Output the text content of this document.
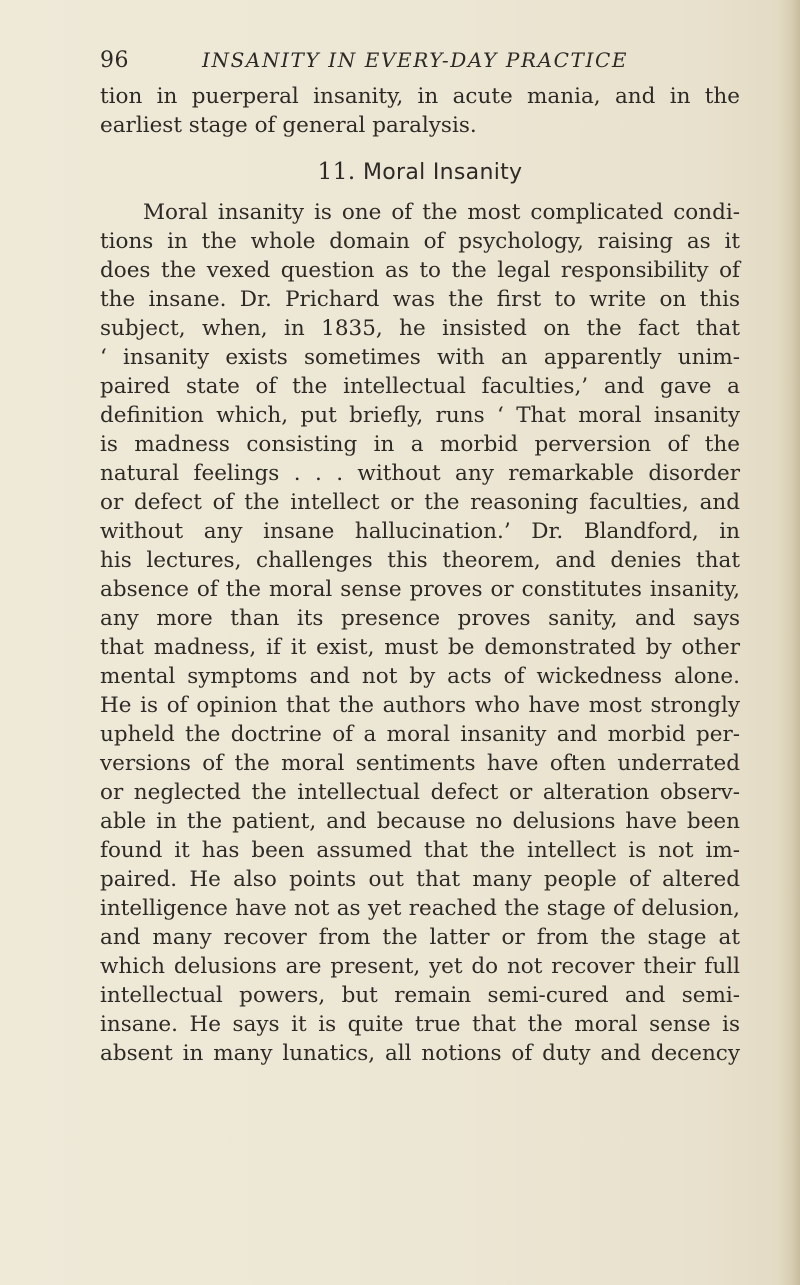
96	INSANITY IN EVERY-DAY PRACTICE
tion in puerperal insanity, in acute mania, and in the
earliest stage of general paralysis.
11. Moral Insanity
Moral insanity is one of the most complicated condi-
tions in the whole domain of psychology, raising as it
does the vexed question as to the legal responsibility of
the insane. Dr. Prichard was the first to write on this
subject, when, in 1835, he insisted on the fact that
‘ insanity exists sometimes with an apparently unim-
paired state of the intellectual faculties,’ and gave a
definition which, put briefly, runs ‘ That moral insanity
is madness consisting in a morbid perversion of the
natural feelings . . . without any remarkable disorder
or defect of the intellect or the reasoning faculties, and
without any insane hallucination.’ Dr. Blandford, in
his lectures, challenges this theorem, and denies that
absence of the moral sense proves or constitutes insanity,
any more than its presence proves sanity, and says
that madness, if it exist, must be demonstrated by other
mental symptoms and not by acts of wickedness alone.
He is of opinion that the authors who have most strongly
upheld the doctrine of a moral insanity and morbid per-
versions of the moral sentiments have often underrated
or neglected the intellectual defect or alteration observ-
able in the patient, and because no delusions have been
found it has been assumed that the intellect is not im-
paired. He also points out that many people of altered
intelligence have not as yet reached the stage of delusion,
and many recover from the latter or from the stage at
which delusions are present, yet do not recover their full
intellectual powers, but remain semi-cured and semi-
insane. He says it is quite true that the moral sense is
absent in many lunatics, all notions of duty and decency
